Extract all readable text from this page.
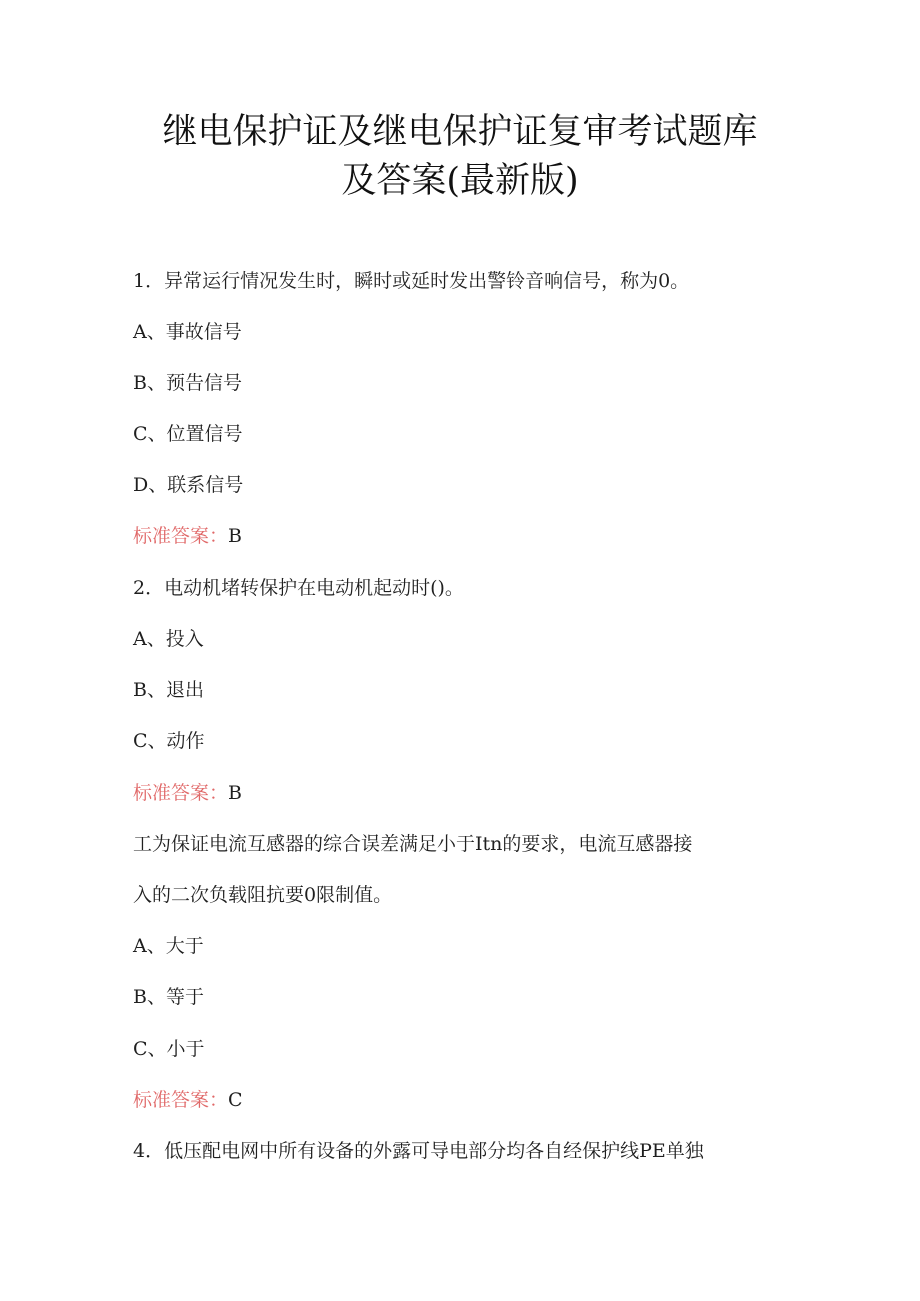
继电保护证及继电保护证复审考试题库
及答案(最新版)
1．异常运行情况发生时，瞬时或延时发出警铃音响信号，称为0。
A、事故信号
B、预告信号
C、位置信号
D、联系信号
标准答案：B
2．电动机堵转保护在电动机起动时()。
A、投入
B、退出
C、动作
标准答案：B
工为保证电流互感器的综合误差满足小于Itn的要求，电流互感器接
入的二次负载阻抗要0限制值。
A、大于
B、等于
C、小于
标准答案：C
4．低压配电网中所有设备的外露可导电部分均各自经保护线PE单独
